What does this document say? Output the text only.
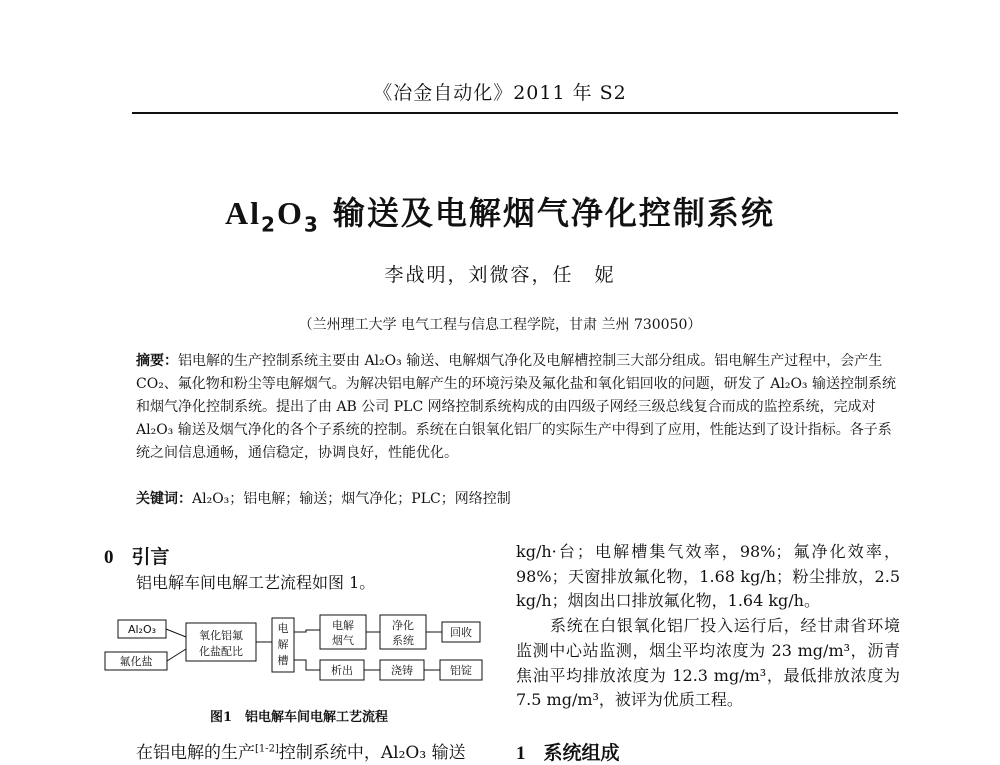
《冶金自动化》2011 年 S2
$Al_2O_3$ 输送及电解烟气净化控制系统
李战明，刘微容，任　妮
（兰州理工大学 电气工程与信息工程学院，甘肃 兰州 730050）
摘要：铝电解的生产控制系统主要由 Al₂O₃ 输送、电解烟气净化及电解槽控制三大部分组成。铝电解生产过程中，会产生 CO₂、氟化物和粉尘等电解烟气。为解决铝电解产生的环境污染及氟化盐和氧化铝回收的问题，研发了 Al₂O₃ 输送控制系统和烟气净化控制系统。提出了由 AB 公司 PLC 网络控制系统构成的由四级子网经三级总线复合而成的监控系统，完成对 Al₂O₃ 输送及烟气净化的各个子系统的控制。系统在白银氧化铝厂的实际生产中得到了应用，性能达到了设计指标。各子系统之间信息通畅，通信稳定，协调良好，性能优化。
关键词：Al₂O₃；铝电解；输送；烟气净化；PLC；网络控制
0 引言
铝电解车间电解工艺流程如图 1。
Al₂O₃
氟化盐
氧化铝氟
化盐配比
电
解
槽
电解
烟气
净化
系统
回收
析出	浇铸	铝锭
图1　铝电解车间电解工艺流程
在铝电解的生产[1-2]控制系统中，Al₂O₃ 输送

kg/h·台；电解槽集气效率，98%；氟净化效率，98%；天窗排放氟化物，1.68 kg/h；粉尘排放，2.5 kg/h；烟囱出口排放氟化物，1.64 kg/h。

系统在白银氧化铝厂投入运行后，经甘肃省环境监测中心站监测，烟尘平均浓度为 23 mg/m³，沥青焦油平均排放浓度为 12.3 mg/m³，最低排放浓度为 7.5 mg/m³，被评为优质工程。

1 系统组成
